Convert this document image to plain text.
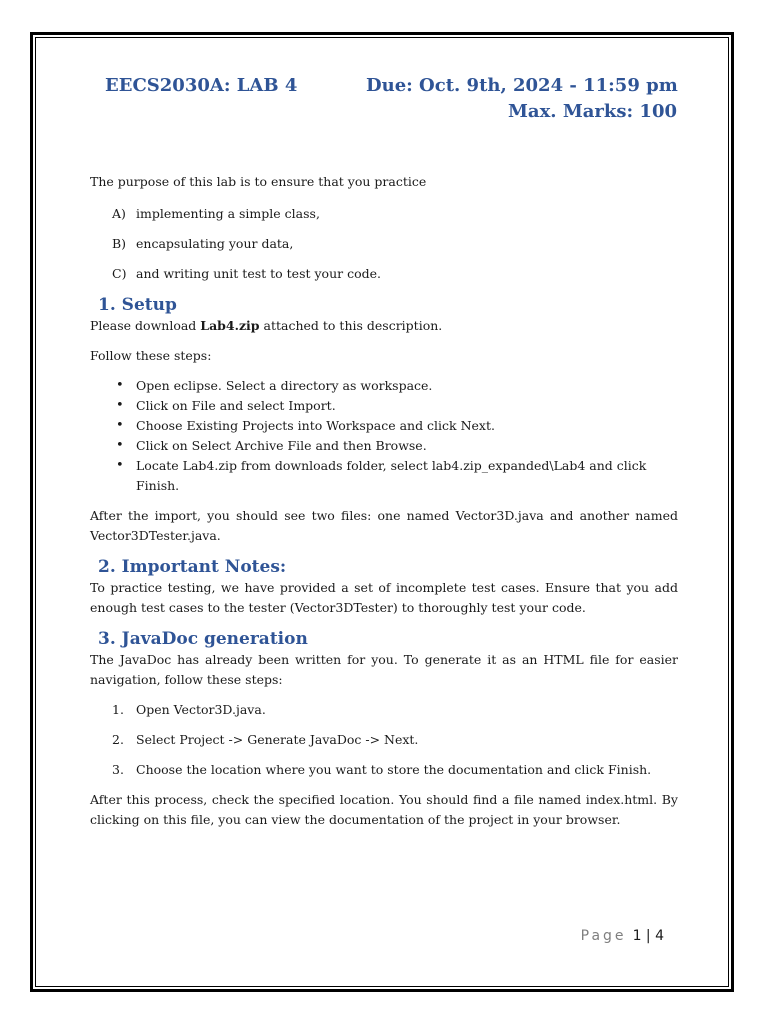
EECS2030A: LAB 4	Due: Oct. 9th, 2024 - 11:59 pm
Max. Marks: 100

The purpose of this lab is to ensure that you practice

A) implementing a simple class,
B) encapsulating your data,
C) and writing unit test to test your code.
1. Setup

Please download Lab4.zip attached to this description.

Follow these steps:

• Open eclipse. Select a directory as workspace.
• Click on File and select Import.
• Choose Existing Projects into Workspace and click Next.
• Click on Select Archive File and then Browse.
• Locate Lab4.zip from downloads folder, select lab4.zip_expanded\Lab4 and click Finish.

After the import, you should see two files: one named Vector3D.java and another named Vector3DTester.java.

2. Important Notes:

To practice testing, we have provided a set of incomplete test cases. Ensure that you add enough test cases to the tester (Vector3DTester) to thoroughly test your code.

3. JavaDoc generation

The JavaDoc has already been written for you. To generate it as an HTML file for easier navigation, follow these steps:

1. Open Vector3D.java.
2. Select Project -> Generate JavaDoc -> Next.
3. Choose the location where you want to store the documentation and click Finish.

After this process, check the specified location. You should find a file named index.html. By clicking on this file, you can view the documentation of the project in your browser.

Page 1 | 4
